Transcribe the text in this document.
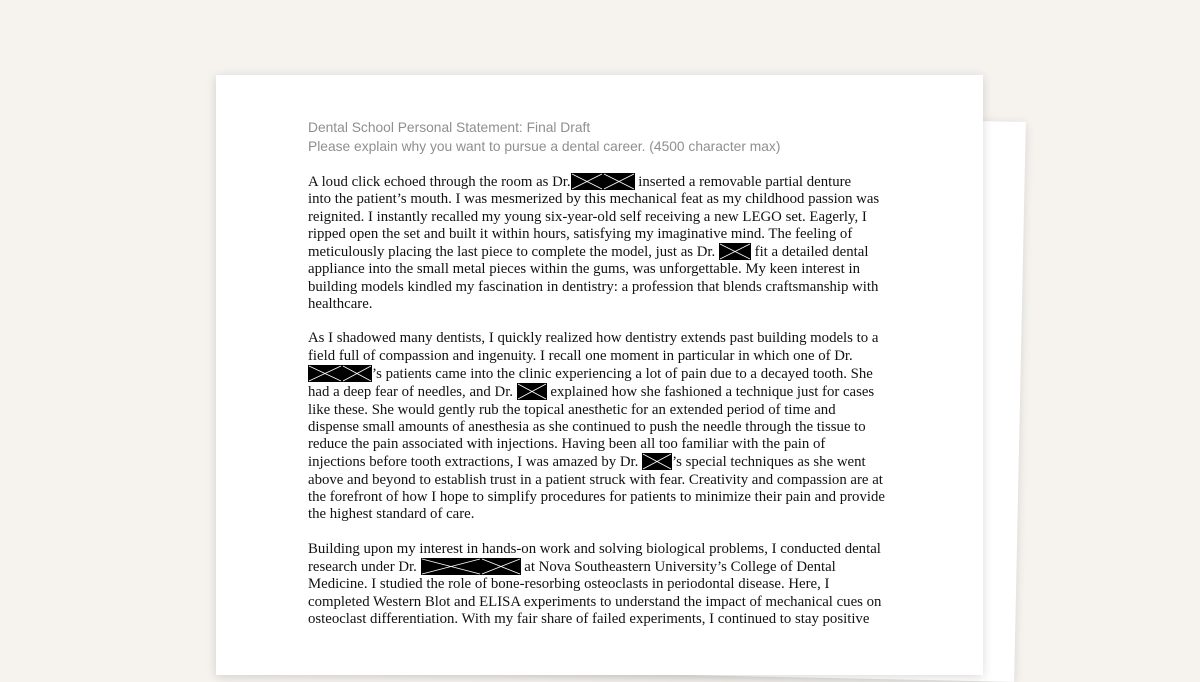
Dental School Personal Statement: Final Draft
Please explain why you want to pursue a dental career. (4500 character max)

A loud click echoed through the room as Dr.	inserted a removable partial denture
into the patient’s mouth. I was mesmerized by this mechanical feat as my childhood passion was
reignited. I instantly recalled my young six-year-old self receiving a new LEGO set. Eagerly, I
ripped open the set and built it within hours, satisfying my imaginative mind. The feeling of
meticulously placing the last piece to complete the model, just as Dr.
fit a detailed dental
appliance into the small metal pieces within the gums, was unforgettable. My keen interest in
building models kindled my fascination in dentistry: a profession that blends craftsmanship with
healthcare.

As I shadowed many dentists, I quickly realized how dentistry extends past building models to a
field full of compassion and ingenuity. I recall one moment in particular in which one of Dr.
’s patients came into the clinic experiencing a lot of pain due to a decayed tooth. She
had a deep fear of needles, and Dr.
explained how she fashioned a technique just for cases
like these. She would gently rub the topical anesthetic for an extended period of time and
dispense small amounts of anesthesia as she continued to push the needle through the tissue to
reduce the pain associated with injections. Having been all too familiar with the pain of
injections before tooth extractions, I was amazed by Dr.
’s special techniques as she went
above and beyond to establish trust in a patient struck with fear. Creativity and compassion are at
the forefront of how I hope to simplify procedures for patients to minimize their pain and provide
the highest standard of care.

Building upon my interest in hands-on work and solving biological problems, I conducted dental
research under Dr.	at Nova Southeastern University’s College of Dental
Medicine. I studied the role of bone-resorbing osteoclasts in periodontal disease. Here, I
completed Western Blot and ELISA experiments to understand the impact of mechanical cues on
osteoclast differentiation. With my fair share of failed experiments, I continued to stay positive
